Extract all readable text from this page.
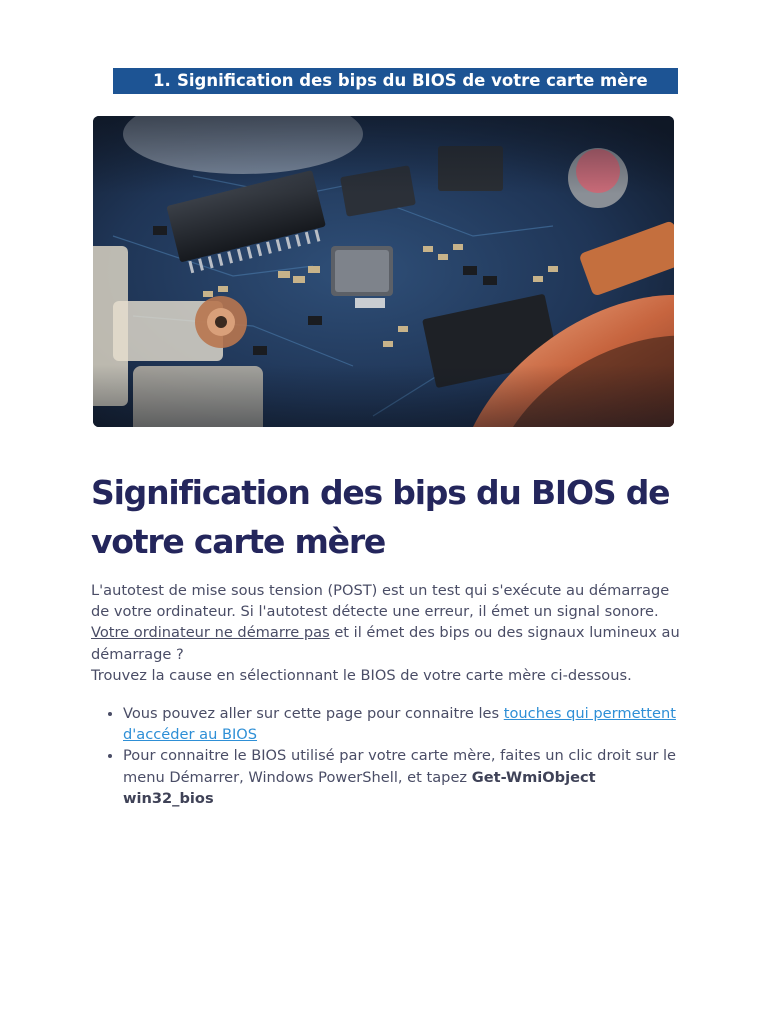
1. Signification des bips du BIOS de votre carte mère
Signification des bips du BIOS de votre carte mère

L'autotest de mise sous tension (POST) est un test qui s'exécute au démarrage de votre ordinateur. Si l'autotest détecte une erreur, il émet un signal sonore. Votre ordinateur ne démarre pas et il émet des bips ou des signaux lumineux au démarrage ?

Trouvez la cause en sélectionnant le BIOS de votre carte mère ci-dessous.

• Vous pouvez aller sur cette page pour connaitre les touches qui permettent d'accéder au BIOS
• Pour connaitre le BIOS utilisé par votre carte mère, faites un clic droit sur le menu Démarrer, Windows PowerShell, et tapez Get-WmiObject win32_bios
